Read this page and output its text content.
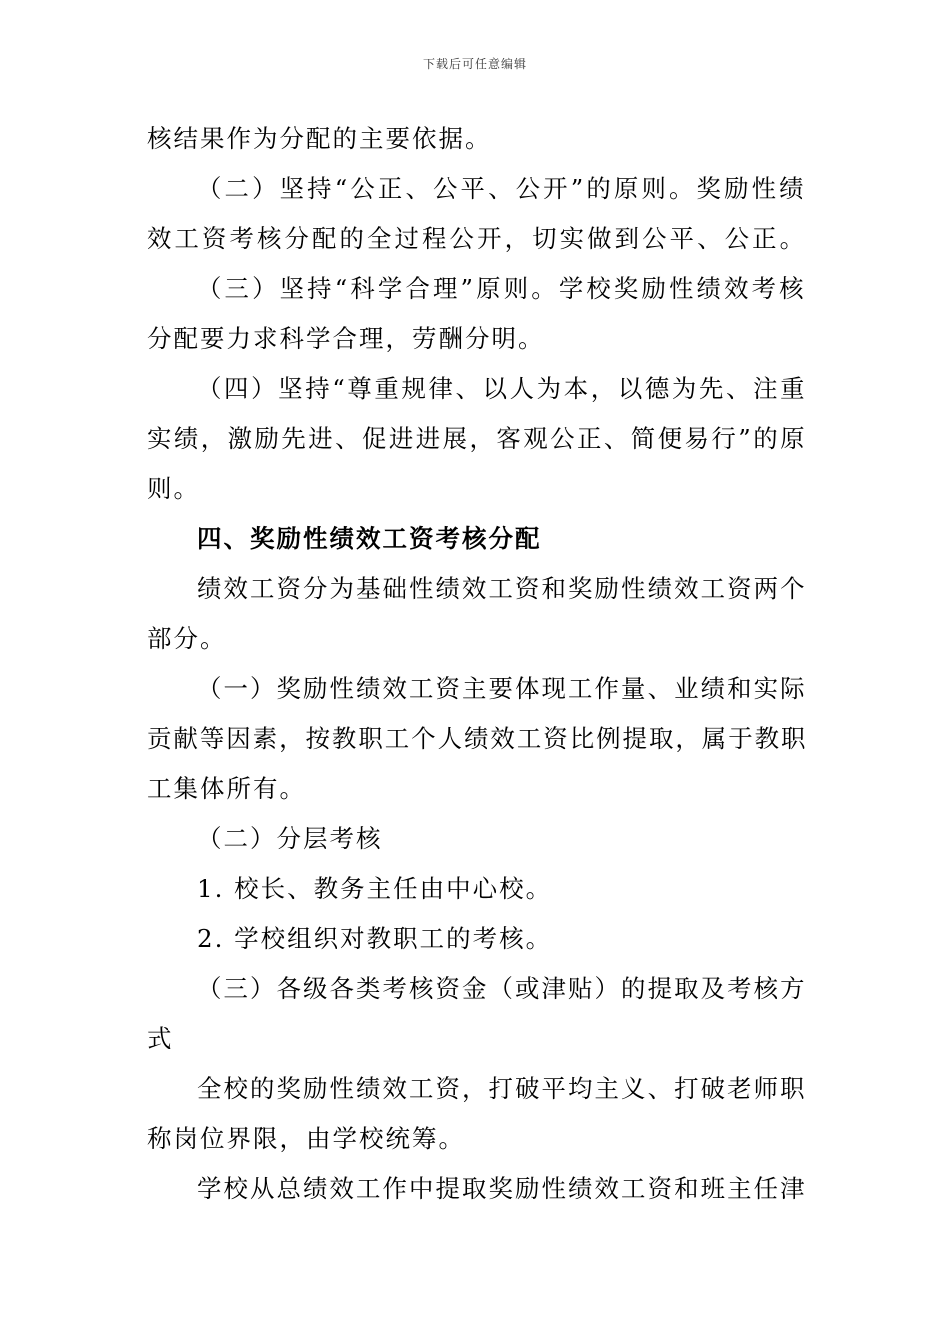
下载后可任意编辑
核结果作为分配的主要依据。
（二）坚持“公正、公平、公开”的原则。奖励性绩
效工资考核分配的全过程公开，切实做到公平、公正。
（三）坚持“科学合理”原则。学校奖励性绩效考核
分配要力求科学合理，劳酬分明。
（四）坚持“尊重规律、以人为本，以德为先、注重
实绩，激励先进、促进进展，客观公正、简便易行”的原
则。
四、奖励性绩效工资考核分配
绩效工资分为基础性绩效工资和奖励性绩效工资两个
部分。
（一）奖励性绩效工资主要体现工作量、业绩和实际
贡献等因素，按教职工个人绩效工资比例提取，属于教职
工集体所有。
（二）分层考核
1. 校长、教务主任由中心校。
2. 学校组织对教职工的考核。
（三）各级各类考核资金（或津贴）的提取及考核方
式
全校的奖励性绩效工资，打破平均主义、打破老师职
称岗位界限，由学校统筹。
学校从总绩效工作中提取奖励性绩效工资和班主任津
